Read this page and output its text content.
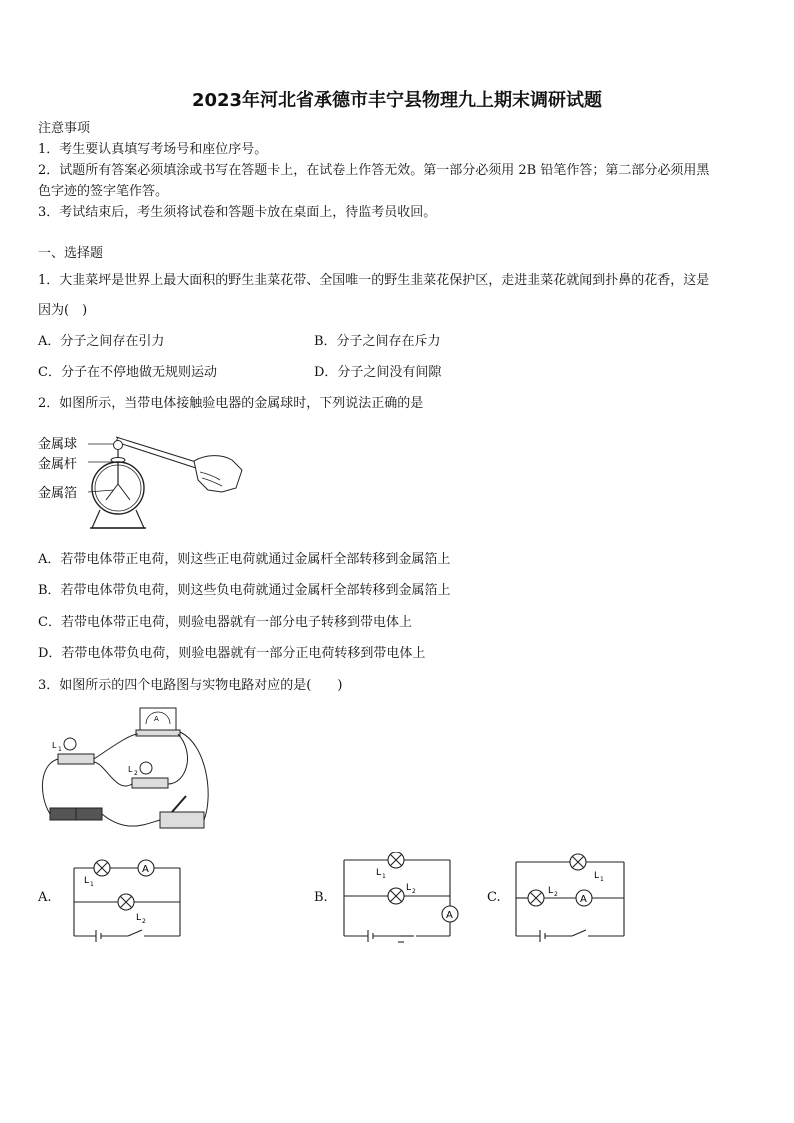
2023年河北省承德市丰宁县物理九上期末调研试题
注意事项
1．考生要认真填写考场号和座位序号。
2．试题所有答案必须填涂或书写在答题卡上，在试卷上作答无效。第一部分必须用 2B 铅笔作答；第二部分必须用黑
色字迹的签字笔作答。
3．考试结束后，考生须将试卷和答题卡放在桌面上，待监考员收回。
一、选择题
1．大韭菜坪是世界上最大面积的野生韭菜花带、全国唯一的野生韭菜花保护区，走进韭菜花就闻到扑鼻的花香，这是
因为(　)
A．分子之间存在引力	B．分子之间存在斥力
C．分子在不停地做无规则运动	D．分子之间没有间隙
2．如图所示，当带电体接触验电器的金属球时，下列说法正确的是
金属球
金属杆
金属箔
A．若带电体带正电荷，则这些正电荷就通过金属杆全部转移到金属箔上
B．若带电体带负电荷，则这些负电荷就通过金属杆全部转移到金属箔上
C．若带电体带正电荷，则验电器就有一部分电子转移到带电体上
D．若带电体带负电荷，则验电器就有一部分正电荷转移到带电体上
3．如图所示的四个电路图与实物电路对应的是(　　)
A
L 1
L 2
A.
A
L 1
L 2
B.
A
L 1
L 2	C.	A
L 1
L 2
